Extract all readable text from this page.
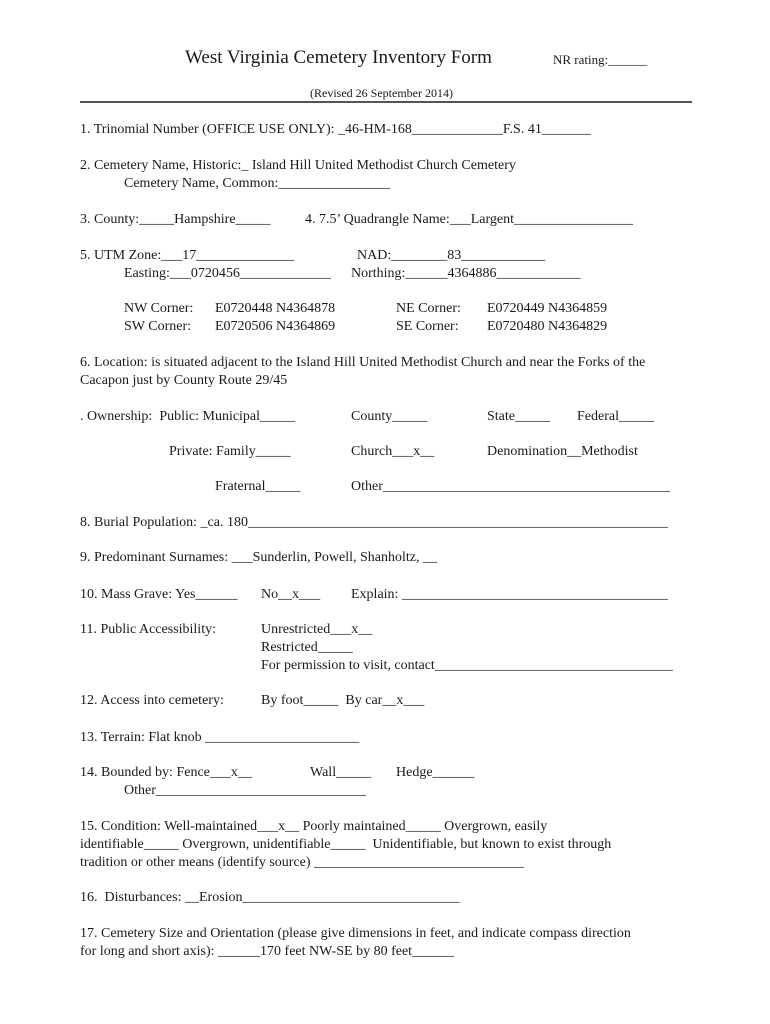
West Virginia Cemetery Inventory Form	NR rating:______
(Revised 26 September 2014)
1. Trinomial Number (OFFICE USE ONLY): _46-HM-168_____________F.S. 41_______
2. Cemetery Name, Historic:_ Island Hill United Methodist Church Cemetery
Cemetery Name, Common:________________
3. County:_____Hampshire_____ 4. 7.5’ Quadrangle Name:___Largent_________________
5. UTM Zone:___17______________	NAD:________83____________
Easting:___0720456_____________ Northing:______4364886____________
NW Corner: E0720448 N4364878	NE Corner: E0720449 N4364859
SW Corner: E0720506 N4364869	SE Corner: E0720480 N4364829
6. Location: is situated adjacent to the Island Hill United Methodist Church and near the Forks of the
Cacapon just by County Route 29/45
. Ownership:  Public: Municipal_____	County_____	State_____ Federal_____
Private: Family_____	Church___x__	Denomination__Methodist
Fraternal_____	Other_________________________________________
8. Burial Population: _ca. 180____________________________________________________________
9. Predominant Surnames: ___Sunderlin, Powell, Shanholtz, __
10. Mass Grave: Yes______ No__x___ Explain: ______________________________________
11. Public Accessibility:	Unrestricted___x__
Restricted_____
For permission to visit, contact__________________________________
12. Access into cemetery:	By foot_____  By car__x___
13. Terrain: Flat knob ______________________
14. Bounded by: Fence___x__	Wall_____ Hedge______
Other______________________________
15. Condition: Well-maintained___x__ Poorly maintained_____ Overgrown, easily
identifiable_____ Overgrown, unidentifiable_____  Unidentifiable, but known to exist through
tradition or other means (identify source) ______________________________
16.  Disturbances: __Erosion_______________________________
17. Cemetery Size and Orientation (please give dimensions in feet, and indicate compass direction
for long and short axis): ______170 feet NW-SE by 80 feet______
